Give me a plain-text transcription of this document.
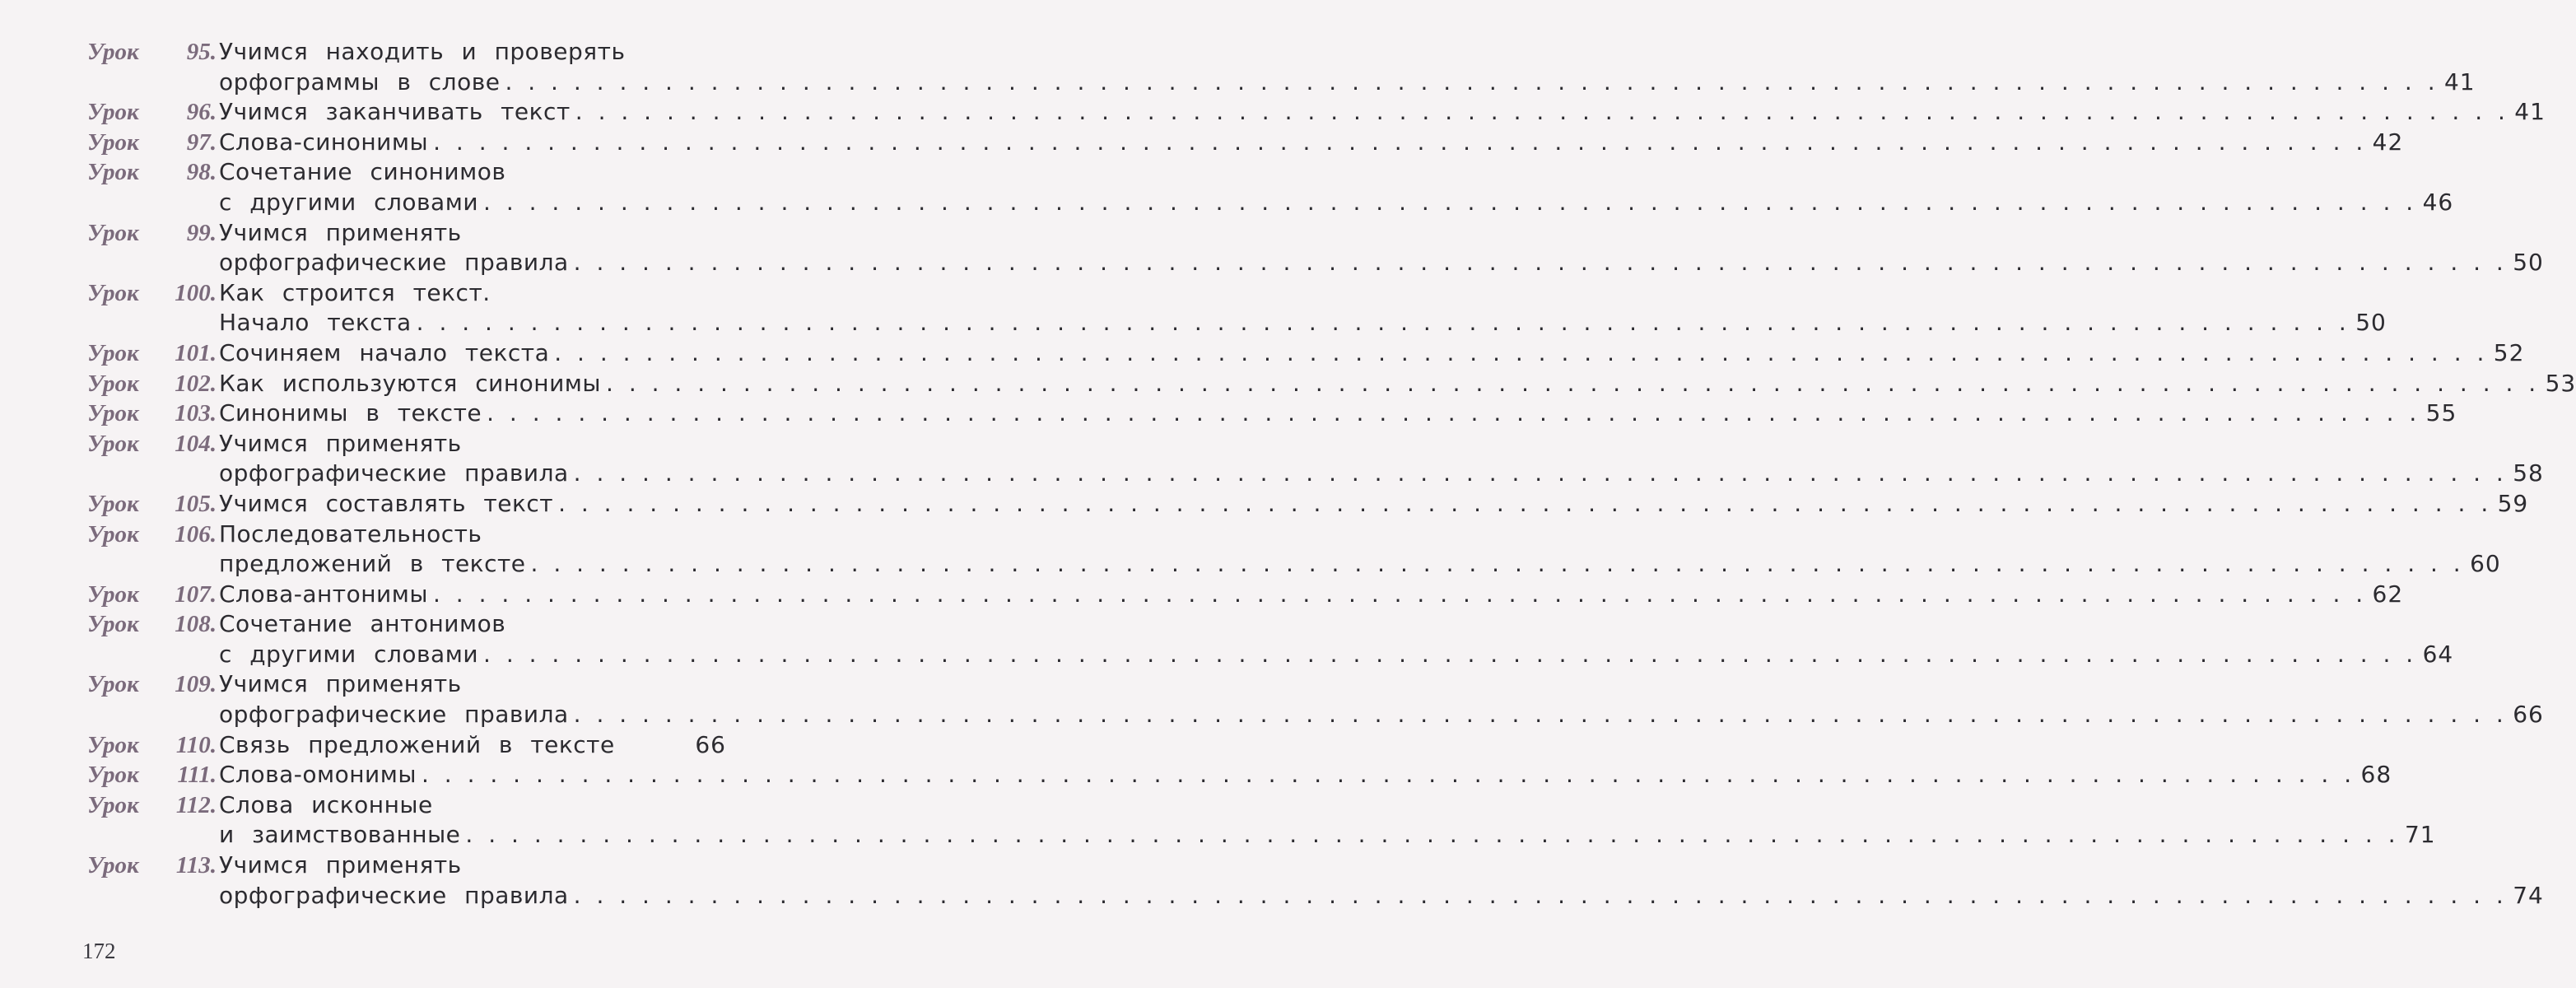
Урок	95. Учимся находить и проверять
орфограммы в слове . . .	41
Урок	96. Учимся заканчивать текст . . .	41
Урок	97. Слова-синонимы . . .	42
Урок	98. Сочетание синонимов
с другими словами . . .	46
Урок	99. Учимся применять
орфографические правила . . .	50
Урок	100. Как строится текст.
Начало текста . . .	50
Урок	101. Сочиняем начало текста . . .	52
Урок	102. Как используются синонимы . . .	53
Урок	103. Синонимы в тексте . . .	55
Урок	104. Учимся применять
орфографические правила . . .	58
Урок	105. Учимся составлять текст . . .	59
Урок	106. Последовательность
предложений в тексте . . .	60
Урок	107. Слова-антонимы . . .	62
Урок	108. Сочетание антонимов
с другими словами . . .	64
Урок	109. Учимся применять
орфографические правила . . .	66
Урок	110. Связь предложений в тексте	66
Урок	111. Слова-омонимы . . .	68
Урок	112. Слова исконные
и заимствованные . . .	71
Урок	113. Учимся применять
орфографические правила . . .	74
172
